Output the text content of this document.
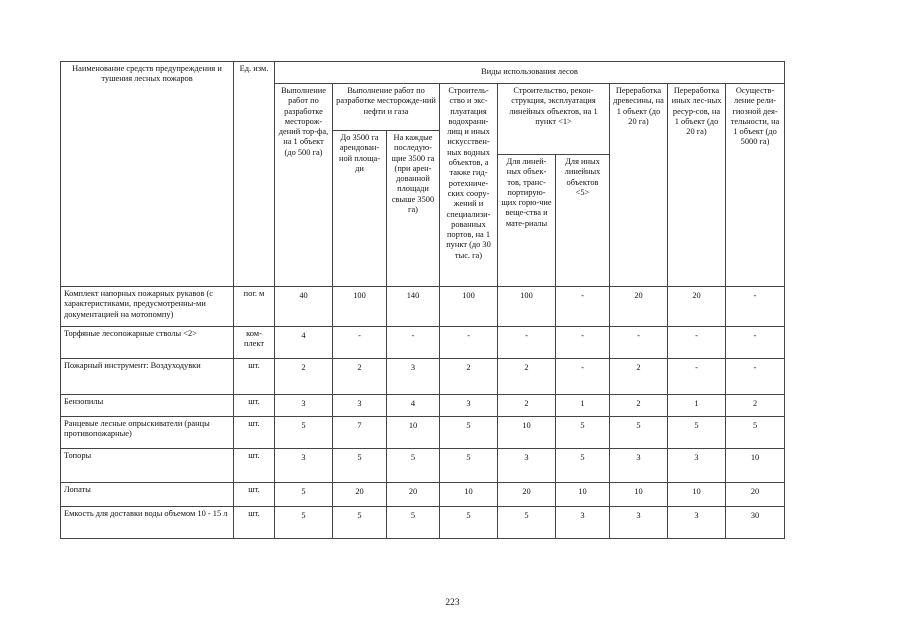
Наименование средств предупреждения и тушения лесных пожаров	Ед. изм.	Виды использования лесов								
		Выполнение работ по разработке месторож-дений тор-фа, на 1 объект (до 500 га)	Выполнение работ по разработке месторожде-ний нефти и газа		Строитель-ство и экс-плуатация водохрани-лищ и иных искусствен-ных водных объектов, а также гид-ротехниче-ских соору-жений и специализи-рованных портов, на 1 пункт (до 30 тыс. га)	Строительство, рекон-струкция, эксплуатация линейных объектов, на 1 пункт <1>		Переработка древесины, на 1 объект (до 20 га)	Переработка иных лес-ных ресур-сов, на 1 объект (до 20 га)	Осуществ-ление рели-гиозной дея-тельности, на 1 объект (до 5000 га)
			До 3500 га арендован-ной площа-ди	На каждые последую-щие 3500 га (при арен-дованной площади свыше 3500 га)						
						Для линей-ных объек-тов, транс-портирую-щих горю-чие веще-ства и мате-риалы	Для иных линейных объектов <5>			
Комплект напорных пожарных рукавов (с характеристиками, предусмотренны-ми документацией на мотопомпу)	пог. м	40	100	140	100	100	-	20	20	-
Торфяные лесопожарные стволы <2>	ком-плект	4	-	-	-	-	-	-	-	-
Пожарный инструмент: Воздуходувки	шт.	2	2	3	2	2	-	2	-	-
Бензопилы	шт.	3	3	4	3	2	1	2	1	2
Ранцевые лесные опрыскиватели (ранцы противопожарные)	шт.	5	7	10	5	10	5	5	5	5
Топоры	шт.	3	5	5	5	3	5	3	3	10
Лопаты	шт.	5	20	20	10	20	10	10	10	20
Емкость для доставки воды объемом 10 - 15 л	шт.	5	5	5	5	5	3	3	3	30
223
